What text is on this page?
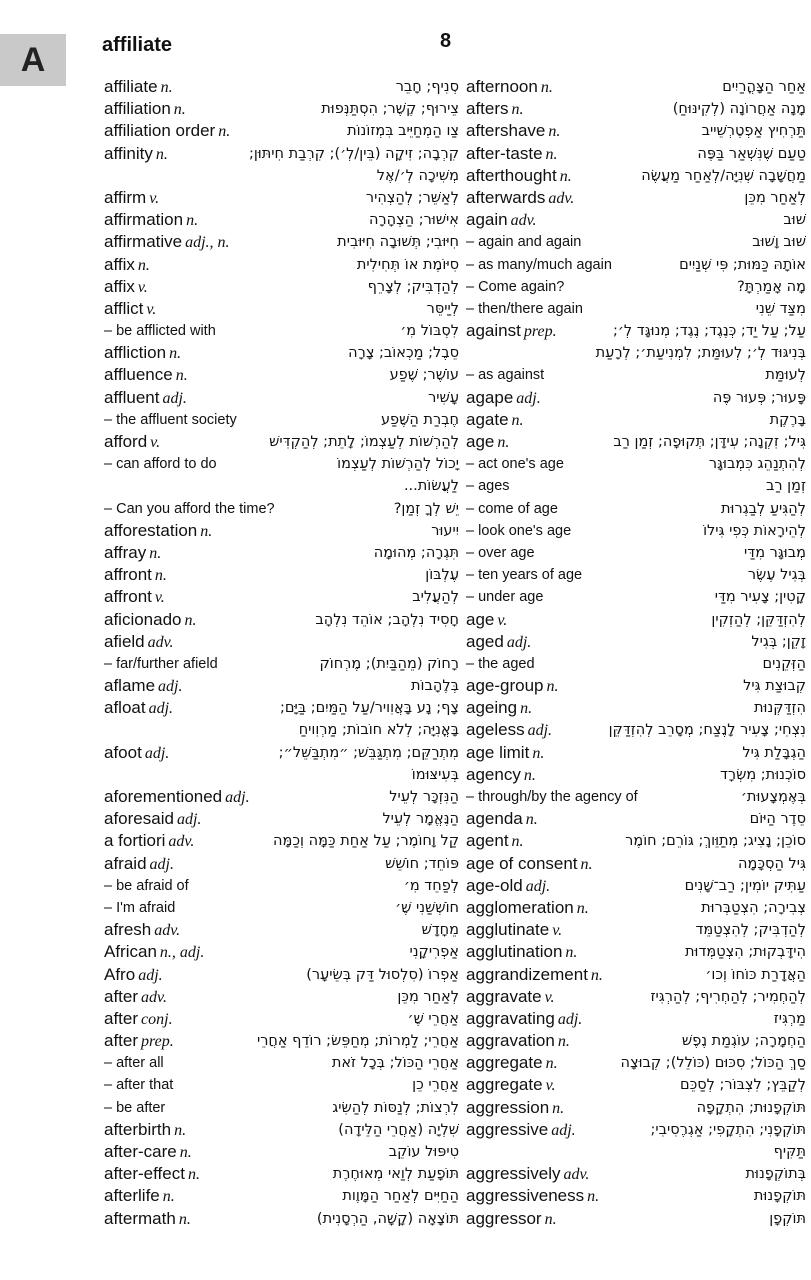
A	affiliate	8
affiliate n.	סְנִיף; חָבֵר
affiliation n.	צֵירוּף; קֶשֶׁר; הִסְתַּנְּפוּת
affiliation order n.	צַו הַמְחַיֵּיב בִּמְזוֹנוֹת
affinity n.	קִרְבָה; זִיקָה (בֵּין/לְ׳); קִרְבַת חִיתּוּן;
מְשִׁיכָה לְ׳/אֶל
affirm v.	לְאַשֵּׁר; לְהַצְהִיר
affirmation n.	אִישׁוּר; הַצְהָרָה
affirmative adj., n.	חִיּוּבִי; תְּשׁוּבָה חִיּוּבִית
affix n.	סִיּוֹמֶת אוֹ תְּחִילִית
affix v.	לְהַדְבִּיק; לְצָרֵף
afflict v.	לְיַיסֵּר
– be afflicted with	לִסְבּוֹל מִ׳
affliction n.	סֵבֶל; מַכְאוֹב; צָרָה
affluence n.	עוֹשֶׁר; שֶׁפַע
affluent adj.	עָשִׁיר
– the affluent society	חֶבְרַת הַשֶּׁפַע
afford v.	לְהַרְשׁוֹת לְעַצְמוֹ; לָתֵת; לְהַקְדִּישׁ
– can afford to do	יָכוֹל לְהַרְשׁוֹת לְעַצְמוֹ
לַעֲשׂוֹת...
– Can you afford the time?	יֵשׁ לְךָ זְמַן?
afforestation n.	יִיעוּר
affray n.	תִּגְרָה; מְהוּמָה
affront n.	עֶלְבּוֹן
affront v.	לְהַעֲלִיב
aficionado n.	חָסִיד נִלְהָב; אוֹהֵד נִלְהָב
afield adv.
– far/further afield	רָחוֹק (מֵהַבַּיִת); מֶרְחוֹק
aflame adj.	בְּלֶהָבוֹת
afloat adj.	צָף; נָע בָּאֲוִויר/עַל הַמַּיִם; בַּיָּם;
בָּאֳנִיָּה; לְלֹא חוֹבוֹת; מַרְוִויחַ
afoot adj.	מִתְרַקֵּם; מִתְגַּבֵּשׁ; ״מִתְבַּשֵּׁל״;
בְּעִיצּוּמוֹ
aforementioned adj.	הַנִּזְכָּר לְעֵיל
aforesaid adj.	הַנֶּאֱמָר לְעֵיל
a fortiori adv.	קַל וָחוֹמֶר; עַל אַחַת כַּמָּה וְכַמָּה
afraid adj.	פּוֹחֵד; חוֹשֵׁשׁ
– be afraid of	לְפַחֵד מִ׳
– I'm afraid	חוֹשְׁשַׁנִי שֶׁ׳
afresh adv.	מֵחָדָשׁ
African n., adj.	אַפְרִיקָנִי
Afro adj.	אַפְרוֹ (סִלְסוּל דַּק בְּשֵׂיעָר)
after adv.	לְאַחַר מִכֵּן
after conj.	אַחֲרֵי שֶׁ׳
after prep.	אַחֲרֵי; לַמְרוֹת; מְחַפֵּשׂ; רוֹדֵף אַחֲרֵי
– after all	אַחֲרֵי הַכּוֹל; בְּכָל זֹאת
– after that	אַחֲרֵי כֵן
– be after	לִרְצוֹת; לְנַסּוֹת לְהַשִּׂיג
afterbirth n.	שִׁלְיָה (אַחֲרֵי הַלֵּידָה)
after-care n.	טִיפּוּל עוֹקֵב
after-effect n.	תּוֹפָעַת לְוַאי מְאוּחֶרֶת
afterlife n.	הַחַיִּים לְאַחַר הַמָּוֶות
aftermath n.	תּוֹצָאָה (קָשָׁה, הַרְסָנִית)
afternoon n.	אַחַר הַצָּהֳרַיִים
afters n.	מָנָה אַחֲרוֹנָה (לְקִינּוּחַ)
aftershave n.	תַּרְחִיץ אַפְטֶרְשֵׁייב
after-taste n.	טַעַם שֶׁנִּשְׁאַר בַּפֶּה
afterthought n.	מַחֲשָׁבָה שְׁנִיָּה/לְאַחַר מַעֲשֶׂה
afterwards adv.	לְאַחַר מִכֵּן
again adv.	שׁוּב
– again and again	שׁוּב וָשׁוּב
– as many/much again	אוֹתָהּ כַּמּוּת; פִּי שְׁנַיִים
– Come again?	מָה אָמַרְתָּ?
– then/there again	מִצַּד שֵׁנִי
against prep.	עַל; עַל יַד; כְּנֶגֶד; נֶגֶד; מְנוּגָּד לְ׳;
בְּנִיגּוּד לְ׳; לְעוּמַּת; לִמְנִיעַת׳; לְרָעַת
– as against	לְעוּמַּת
agape adj.	פָּעוּר; פְּעוּר פֶּה
agate n.	בָּרֶקֶת
age n.	גִּיל; זִקְנָה; עִידָּן; תְּקוּפָה; זְמַן רַב
– act one's age	לְהִתְנַהֵג כִּמְבוּגָּר
– ages	זְמַן רַב
– come of age	לְהַגִּיעַ לְבַגְרוּת
– look one's age	לְהֵירָאוֹת כְּפִי גִּילוֹ
– over age	מְבוּגָּר מִדַּי
– ten years of age	בְּגִיל עֶשֶׂר
– under age	קָטִין; צָעִיר מִדַּי
age v.	לְהִזְדַּקֵּן; לְהַזְקִין
aged adj.	זָקֵן; בְּגִיל
– the aged	הַזְּקֵנִים
age-group n.	קְבוּצַת גִּיל
ageing n.	הִזְדַּקְּנוּת
ageless adj.	נִצְחִי; צָעִיר לָנֶצַח; מְסָרֵב לְהִזְדַּקֵּן
age limit n.	הַגְבָּלַת גִּיל
agency n.	סוֹכְנוּת; מִשְׂרָד
– through/by the agency of	בְּאֶמְצָעוּת׳
agenda n.	סֵדֶר הַיּוֹם
agent n.	סוֹכֵן; נָצִיג; מְתַוֵּוךְ; גּוֹרֵם; חוֹמֶר
age of consent n.	גִּיל הַסְכָּמָה
age-old adj.	עַתִּיק יוֹמִין; רַב־שָׁנִים
agglomeration n.	צְבִירָה; הִצְטַבְּרוּת
agglutinate v.	לְהַדְבִּיק; לְהִצְטַמֵּד
agglutination n.	הִידָּבְקוּת; הִצְטַמְּדוּת
aggrandizement n.	הַאֲדָרַת כּוֹחוֹ וְכו׳
aggravate v.	לְהַחְמִיר; לְהַחְרִיף; לְהַרְגִּיז
aggravating adj.	מַרְגִּיז
aggravation n.	הַחְמָרָה; עוֹגְמַת נֶפֶשׁ
aggregate n.	סַךְ הַכּוֹל; סִכּוּם (כּוֹלֵל); קְבוּצָה
aggregate v.	לְקַבֵּץ; לִצְבּוֹר; לְסַכֵּם
aggression n.	תּוֹקְפָנוּת; הִתְקָפָה
aggressive adj.	תּוֹקְפָנִי; הִתְקָפִי; אַגְרֶסִיבִי;
תַּקִּיף
aggressively adv.	בְּתוֹקְפָנוּת
aggressiveness n.	תּוֹקְפָנוּת
aggressor n.	תּוֹקְפָן
